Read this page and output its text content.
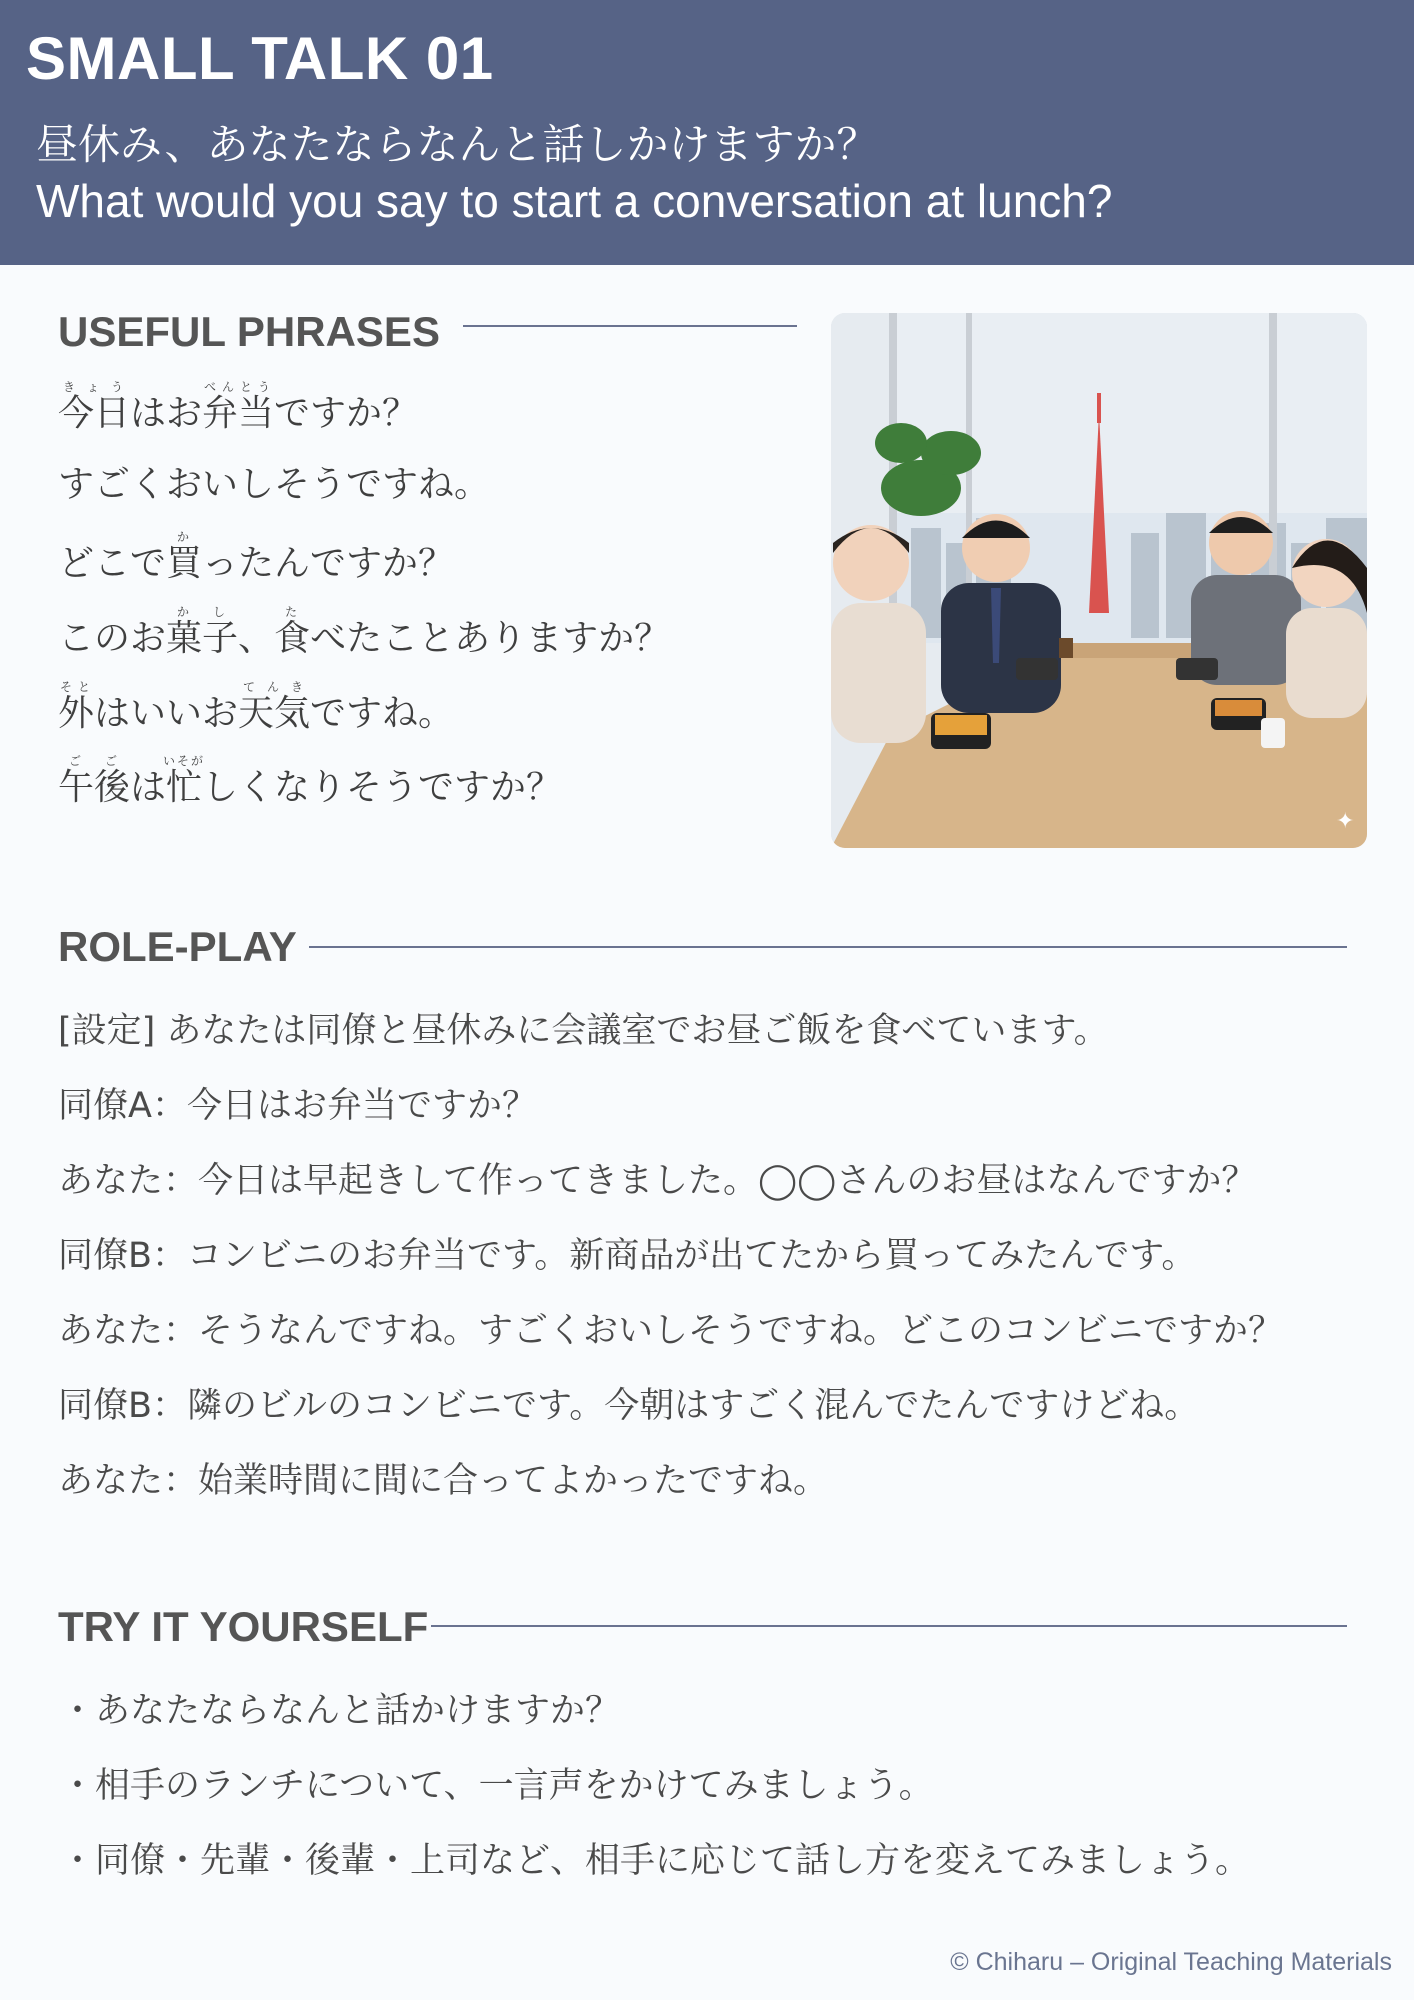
SMALL TALK 01
昼休み、あなたならなんと話しかけますか？
What would you say to start a conversation at lunch?
USEFUL PHRASES
今日きょうはお弁当べんとうですか？
すごくおいしそうですね。
どこで買かったんですか？
このお菓子かし、食たべたことありますか？
外そとはいいお天気てんきですね。
午後ごごは忙いそがしくなりそうですか？
✦
ROLE-PLAY
[設定] あなたは同僚と昼休みに会議室でお昼ご飯を食べています。
同僚A：今日はお弁当ですか？
あなた：今日は早起きして作ってきました。◯◯さんのお昼はなんですか？
同僚B：コンビニのお弁当です。新商品が出てたから買ってみたんです。
あなた：そうなんですね。すごくおいしそうですね。どこのコンビニですか？
同僚B：隣のビルのコンビニです。今朝はすごく混んでたんですけどね。
あなた：始業時間に間に合ってよかったですね。
TRY IT YOURSELF
・あなたならなんと話かけますか？
・相手のランチについて、一言声をかけてみましょう。
・同僚・先輩・後輩・上司など、相手に応じて話し方を変えてみましょう。
© Chiharu – Original Teaching Materials
